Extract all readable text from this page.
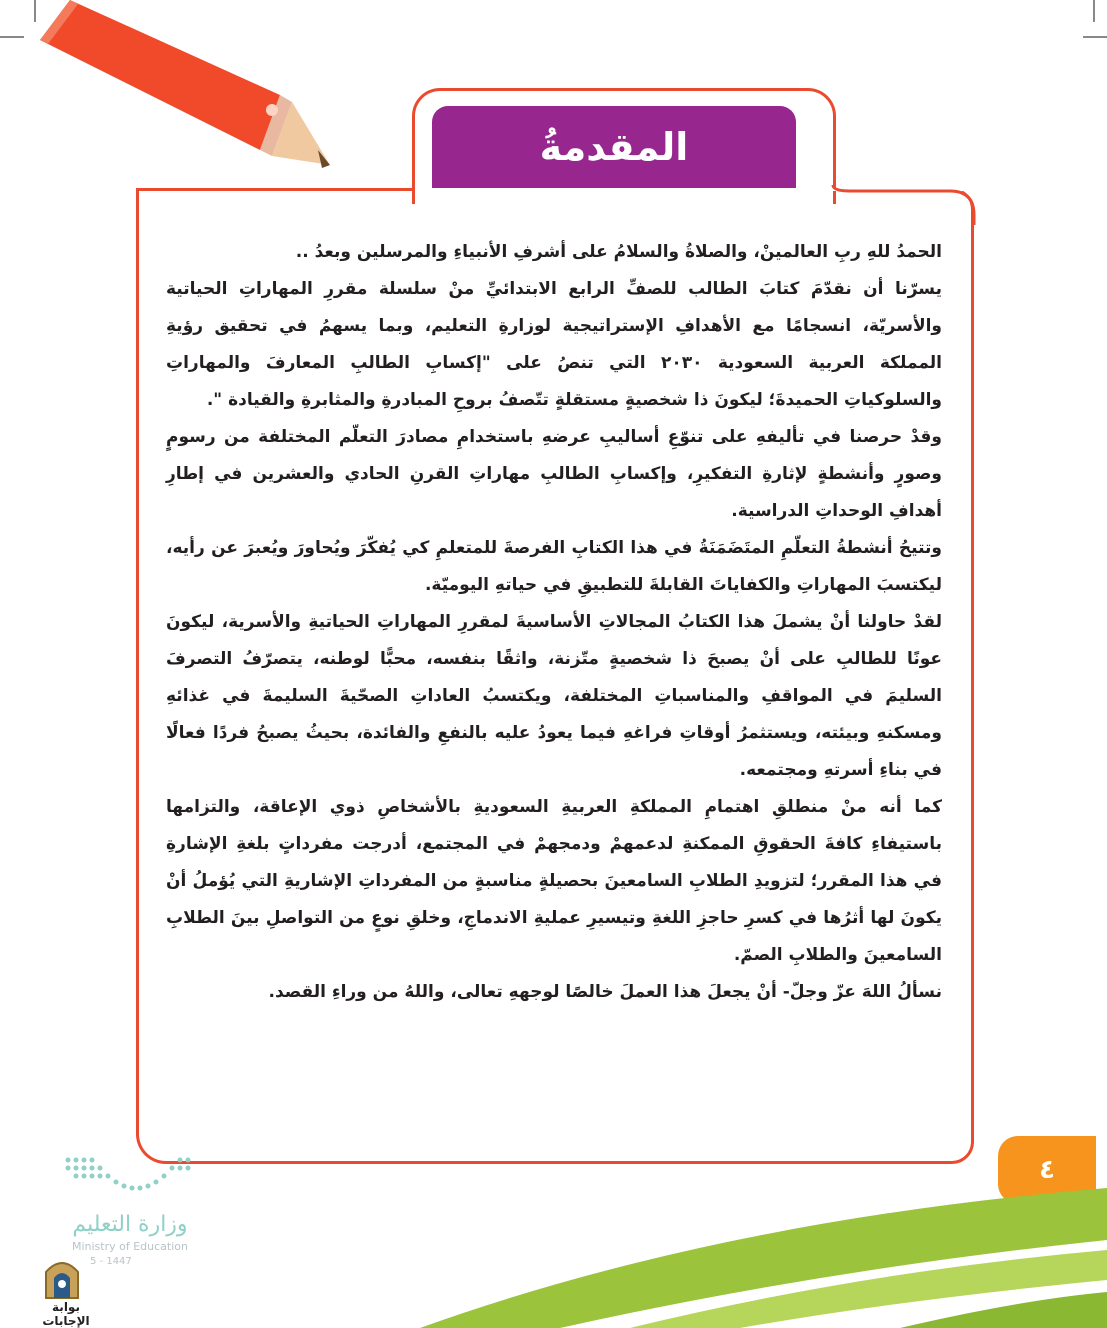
المقدمةُ

الحمدُ للهِ ربِ العالمينْ، والصلاةُ والسلامُ على أشرفِ الأنبياءِ والمرسلين وبعدُ ..

يسرّنا أن نقدّمَ كتابَ الطالب للصفِّ الرابع الابتدائيِّ منْ سلسلة مقررِ المهاراتِ الحياتية والأسريّة، انسجامًا مع الأهدافِ الإستراتيجية لوزارةِ التعليم، وبما يسهمُ في تحقيق رؤيةِ المملكة العربية السعودية ٢٠٣٠ التي تنصُ على "إكسابِ الطالبِ المعارفَ والمهاراتِ والسلوكياتِ الحميدةَ؛ ليكونَ ذا شخصيةٍ مستقلةٍ تتّصفُ بروحِ المبادرةِ والمثابرةِ والقيادة ".

وقدْ حرصنا في تأليفهِ على تنوّعِ أساليبِ عرضهِ باستخدامِ مصادرَ التعلّم المختلفة من رسومٍ وصورٍ وأنشطةٍ لإثارةِ التفكيرِ، وإكسابِ الطالبِ مهاراتِ القرنِ الحادي والعشرين في إطارِ أهدافِ الوحداتِ الدراسية.

وتتيحُ أنشطةُ التعلّمِ المتَضَمَنَةُ في هذا الكتابِ الفرصةَ للمتعلمِ كي يُفكّرَ ويُحاورَ ويُعبرَ عن رأيه، ليكتسبَ المهاراتِ والكفاياتَ القابلةَ للتطبيقِ في حياتهِ اليوميّة.

لقدْ حاولنا أنْ يشملَ هذا الكتابُ المجالاتِ الأساسيةَ لمقررِ المهاراتِ الحياتيةِ والأسرية، ليكونَ عونًا للطالبِ على أنْ يصبحَ ذا شخصيةٍ متّزنة، واثقًا بنفسه، محبًّا لوطنه، يتصرّفُ التصرفَ السليمَ في المواقفِ والمناسباتِ المختلفة، ويكتسبُ العاداتِ الصحّيةَ السليمةَ في غذائهِ ومسكنهِ وبيئته، ويستثمرُ أوقاتِ فراغهِ فيما يعودُ عليه بالنفعِ والفائدة، بحيثُ يصبحُ فردًا فعالًا في بناءِ أسرتهِ ومجتمعه.

كما أنه منْ منطلقِ اهتمامِ المملكةِ العربيةِ السعوديةِ بالأشخاصِ ذوي الإعاقة، والتزامها باستيفاءِ كافةَ الحقوقِ الممكنةِ لدعمهمْ ودمجهمْ في المجتمع، أدرجت مفرداتٍ بلغةِ الإشارةِ في هذا المقرر؛ لتزويدِ الطلابِ السامعينَ بحصيلةٍ مناسبةٍ من المفرداتِ الإشاريةِ التي يُؤملُ أنْ يكونَ لها أثرُها في كسرِ حاجزِ اللغةِ وتيسيرِ عمليةِ الاندماجِ، وخلقِ نوعٍ من التواصلِ بينَ الطلابِ السامعينَ والطلابِ الصمّ.

نسألُ اللهَ عزّ وجلّ- أنْ يجعلَ هذا العملَ خالصًا لوجههِ تعالى، واللهُ من وراءِ القصد.

٤
وزارة التعليم
Ministry of Education
5 - 1447
بوابة الإجابات
